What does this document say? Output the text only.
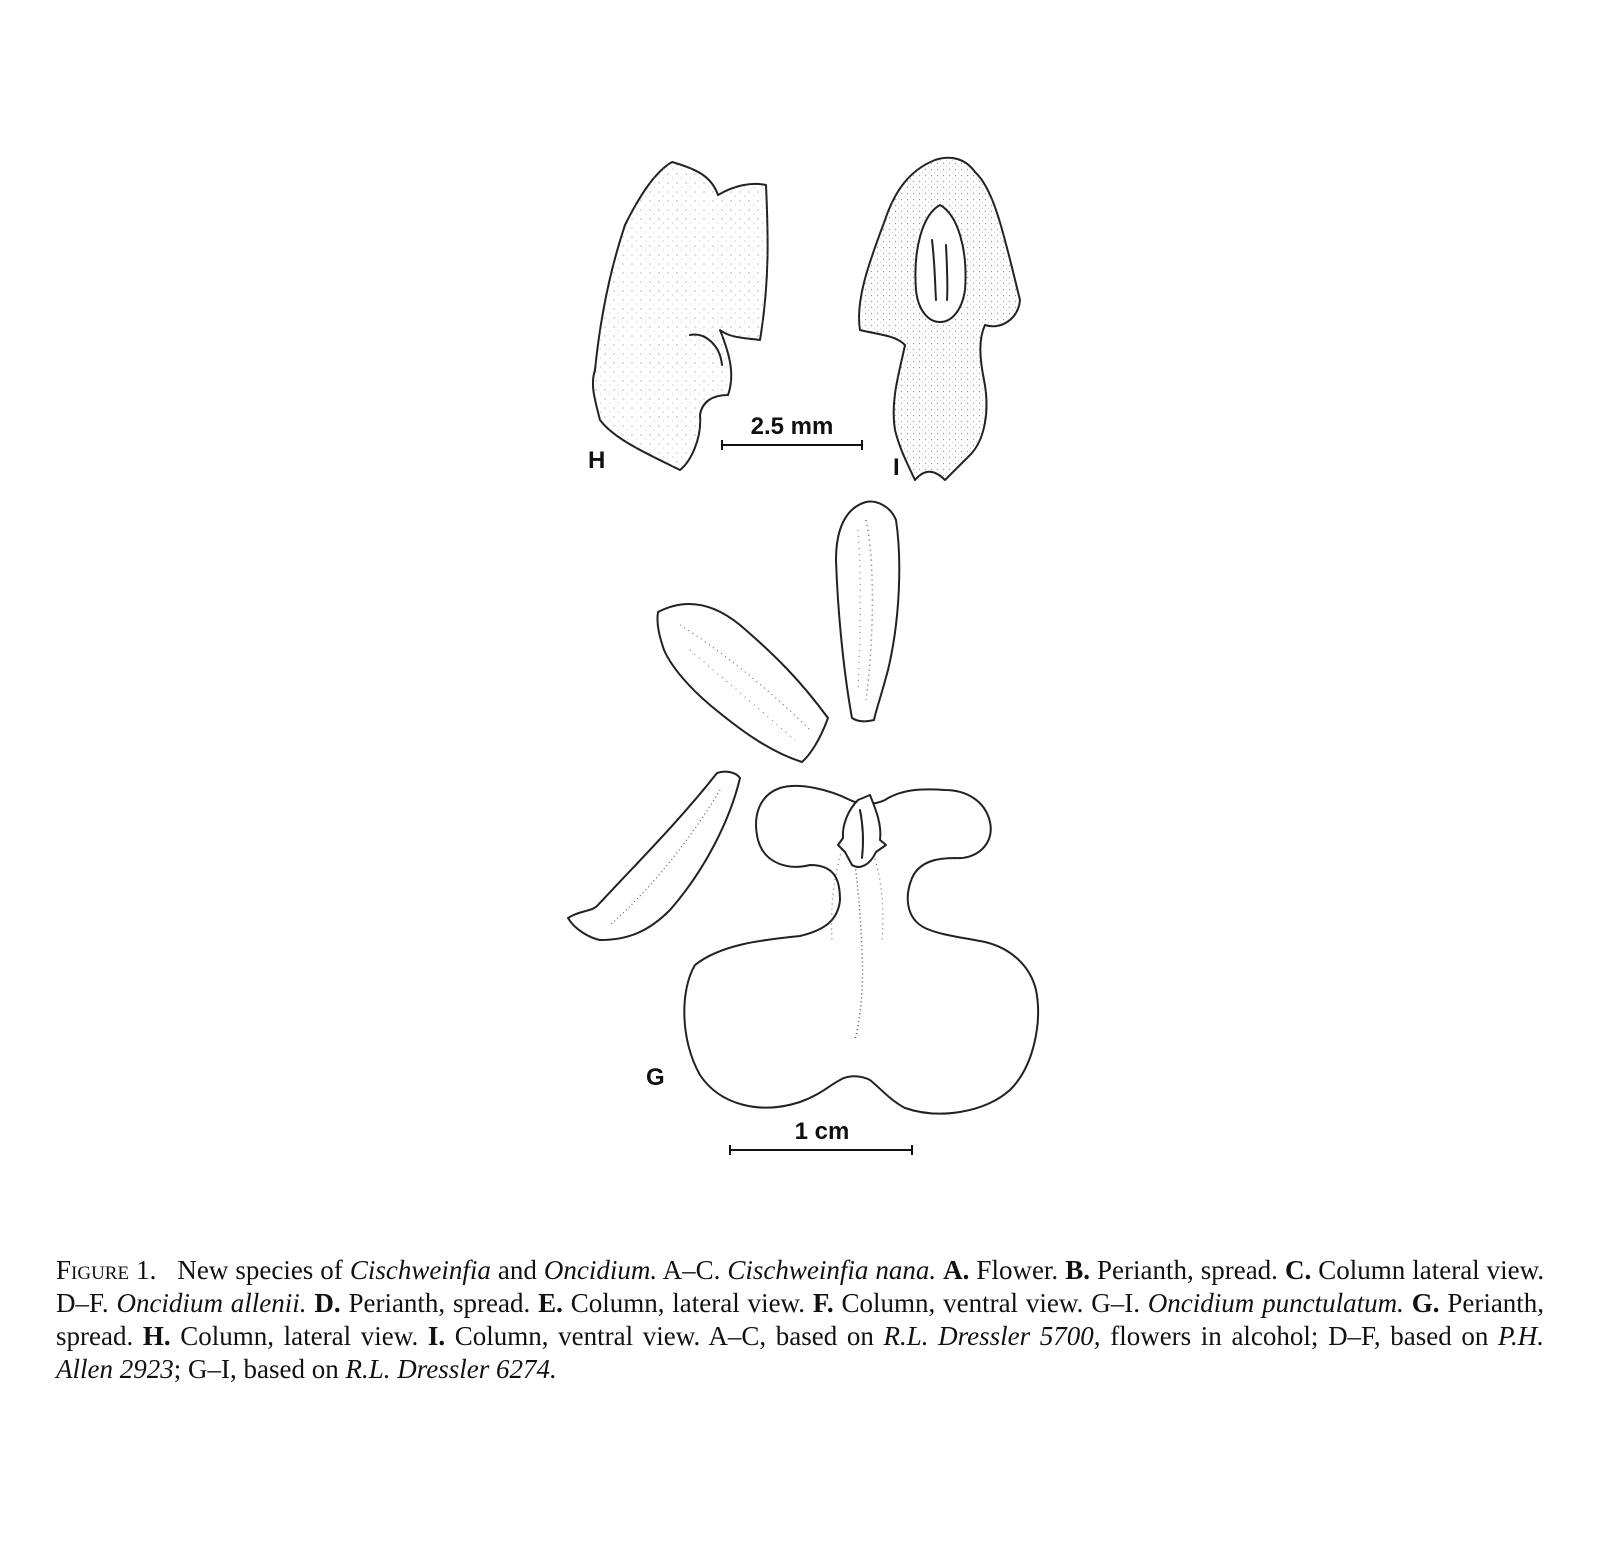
2.5 mm
1 cm
H	I
G
Figure 1. New species of Cischweinfia and Oncidium. A–C. Cischweinfia nana. A. Flower. B. Perianth, spread. C. Column lateral view. D–F. Oncidium allenii. D. Perianth, spread. E. Column, lateral view. F. Column, ventral view. G–I. Oncidium punctulatum. G. Perianth, spread. H. Column, lateral view. I. Column, ventral view. A–C, based on R.L. Dressler 5700, flowers in alcohol; D–F, based on P.H. Allen 2923; G–I, based on R.L. Dressler 6274.
